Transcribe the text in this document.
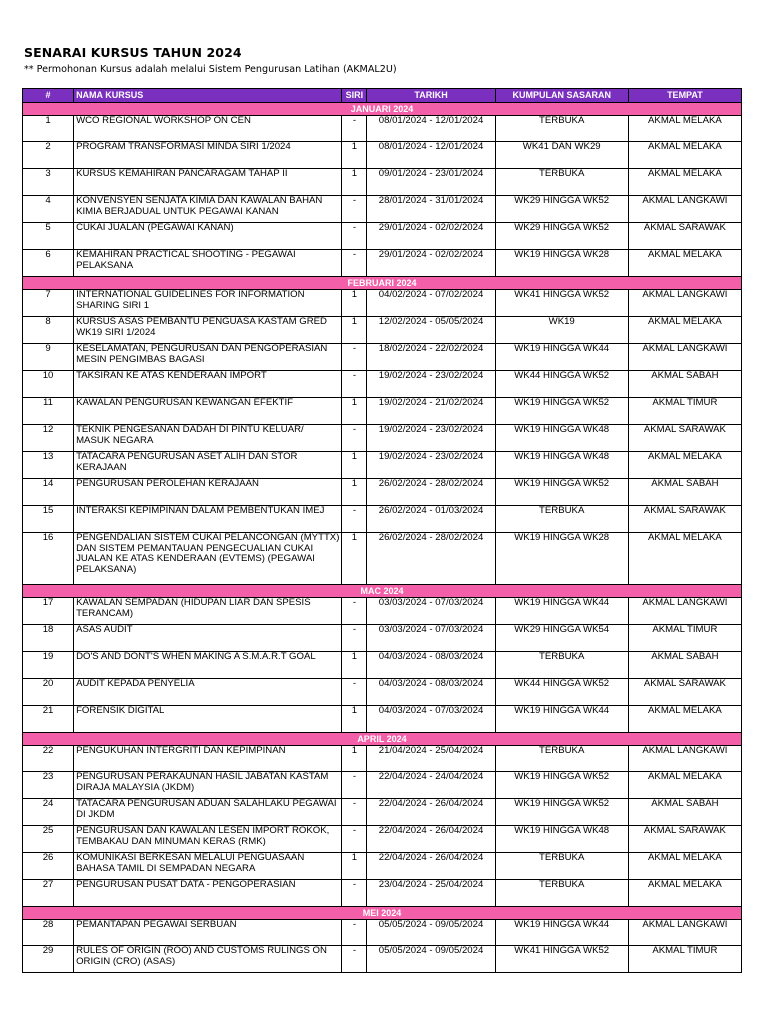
SENARAI KURSUS TAHUN 2024
** Permohonan Kursus adalah melalui Sistem Pengurusan Latihan (AKMAL2U)
#	NAMA KURSUS	SIRI	TARIKH	KUMPULAN SASARAN	TEMPAT
JANUARI 2024					
1	WCO REGIONAL WORKSHOP ON CEN	-	08/01/2024 - 12/01/2024	TERBUKA	AKMAL MELAKA
2	PROGRAM TRANSFORMASI MINDA SIRI 1/2024	1	08/01/2024 - 12/01/2024	WK41 DAN WK29	AKMAL MELAKA
3	KURSUS KEMAHIRAN PANCARAGAM TAHAP II	1	09/01/2024 - 23/01/2024	TERBUKA	AKMAL MELAKA
4	KONVENSYEN SENJATA KIMIA DAN KAWALAN BAHAN KIMIA BERJADUAL UNTUK PEGAWAI KANAN	-	28/01/2024 - 31/01/2024	WK29 HINGGA WK52	AKMAL LANGKAWI
5	CUKAI JUALAN (PEGAWAI KANAN)	-	29/01/2024 - 02/02/2024	WK29 HINGGA WK52	AKMAL SARAWAK
6	KEMAHIRAN PRACTICAL SHOOTING - PEGAWAI PELAKSANA	-	29/01/2024 - 02/02/2024	WK19 HINGGA WK28	AKMAL MELAKA
FEBRUARI 2024					
7	INTERNATIONAL GUIDELINES FOR INFORMATION SHARING SIRI 1	1	04/02/2024 - 07/02/2024	WK41 HINGGA WK52	AKMAL LANGKAWI
8	KURSUS ASAS PEMBANTU PENGUASA KASTAM GRED WK19 SIRI 1/2024	1	12/02/2024 - 05/05/2024	WK19	AKMAL MELAKA
9	KESELAMATAN, PENGURUSAN DAN PENGOPERASIAN MESIN PENGIMBAS BAGASI	-	18/02/2024 - 22/02/2024	WK19 HINGGA WK44	AKMAL LANGKAWI
10	TAKSIRAN KE ATAS KENDERAAN IMPORT	-	19/02/2024 - 23/02/2024	WK44 HINGGA WK52	AKMAL SABAH
11	KAWALAN PENGURUSAN KEWANGAN EFEKTIF	1	19/02/2024 - 21/02/2024	WK19 HINGGA WK52	AKMAL TIMUR
12	TEKNIK PENGESANAN DADAH DI PINTU KELUAR/ MASUK NEGARA	-	19/02/2024 - 23/02/2024	WK19 HINGGA WK48	AKMAL SARAWAK
13	TATACARA PENGURUSAN ASET ALIH DAN STOR KERAJAAN	1	19/02/2024 - 23/02/2024	WK19 HINGGA WK48	AKMAL MELAKA
14	PENGURUSAN PEROLEHAN KERAJAAN	1	26/02/2024 - 28/02/2024	WK19 HINGGA WK52	AKMAL SABAH
15	INTERAKSI KEPIMPINAN DALAM PEMBENTUKAN IMEJ	-	26/02/2024 - 01/03/2024	TERBUKA	AKMAL SARAWAK
16	PENGENDALIAN SISTEM CUKAI PELANCONGAN (MYTTX) DAN SISTEM PEMANTAUAN PENGECUALIAN CUKAI JUALAN KE ATAS KENDERAAN (EVTEMS) (PEGAWAI PELAKSANA)	1	26/02/2024 - 28/02/2024	WK19 HINGGA WK28	AKMAL MELAKA
MAC 2024					
17	KAWALAN SEMPADAN (HIDUPAN LIAR DAN SPESIS TERANCAM)	-	03/03/2024 - 07/03/2024	WK19 HINGGA WK44	AKMAL LANGKAWI
18	ASAS AUDIT	-	03/03/2024 - 07/03/2024	WK29 HINGGA WK54	AKMAL TIMUR
19	DO'S AND DONT'S WHEN MAKING A S.M.A.R.T GOAL	1	04/03/2024 - 08/03/2024	TERBUKA	AKMAL SABAH
20	AUDIT KEPADA PENYELIA	-	04/03/2024 - 08/03/2024	WK44 HINGGA WK52	AKMAL SARAWAK
21	FORENSIK DIGITAL	1	04/03/2024 - 07/03/2024	WK19 HINGGA WK44	AKMAL MELAKA
APRIL 2024					
22	PENGUKUHAN INTERGRITI DAN KEPIMPINAN	1	21/04/2024 - 25/04/2024	TERBUKA	AKMAL LANGKAWI
23	PENGURUSAN PERAKAUNAN HASIL JABATAN KASTAM DIRAJA MALAYSIA (JKDM)	-	22/04/2024 - 24/04/2024	WK19 HINGGA WK52	AKMAL MELAKA
24	TATACARA PENGURUSAN ADUAN SALAHLAKU PEGAWAI DI JKDM	-	22/04/2024 - 26/04/2024	WK19 HINGGA WK52	AKMAL SABAH
25	PENGURUSAN DAN KAWALAN LESEN IMPORT ROKOK, TEMBAKAU DAN MINUMAN KERAS (RMK)	-	22/04/2024 - 26/04/2024	WK19 HINGGA WK48	AKMAL SARAWAK
26	KOMUNIKASI BERKESAN MELALUI PENGUASAAN BAHASA TAMIL DI SEMPADAN NEGARA	1	22/04/2024 - 26/04/2024	TERBUKA	AKMAL MELAKA
27	PENGURUSAN PUSAT DATA - PENGOPERASIAN	-	23/04/2024 - 25/04/2024	TERBUKA	AKMAL MELAKA
MEI 2024					
28	PEMANTAPAN PEGAWAI SERBUAN	-	05/05/2024 - 09/05/2024	WK19 HINGGA WK44	AKMAL LANGKAWI
29	RULES OF ORIGIN (ROO) AND CUSTOMS RULINGS ON ORIGIN (CRO) (ASAS)	-	05/05/2024 - 09/05/2024	WK41 HINGGA WK52	AKMAL TIMUR
